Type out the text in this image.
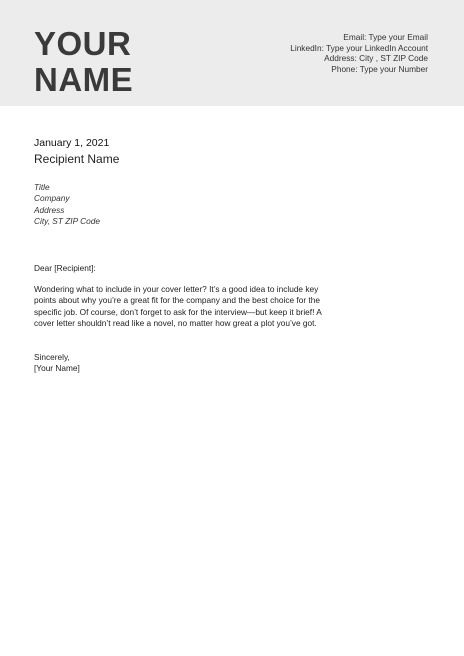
YOUR
NAME
Email: Type your Email
LinkedIn: Type your LinkedIn Account
Address: City , ST ZIP Code
Phone: Type your Number
January 1, 2021
Recipient Name
Title
Company
Address
City, ST ZIP Code
Dear [Recipient]:
Wondering what to include in your cover letter? It’s a good idea to include key
points about why you’re a great fit for the company and the best choice for the
specific job. Of course, don’t forget to ask for the interview—but keep it brief! A
cover letter shouldn’t read like a novel, no matter how great a plot you’ve got.
Sincerely,
[Your Name]
